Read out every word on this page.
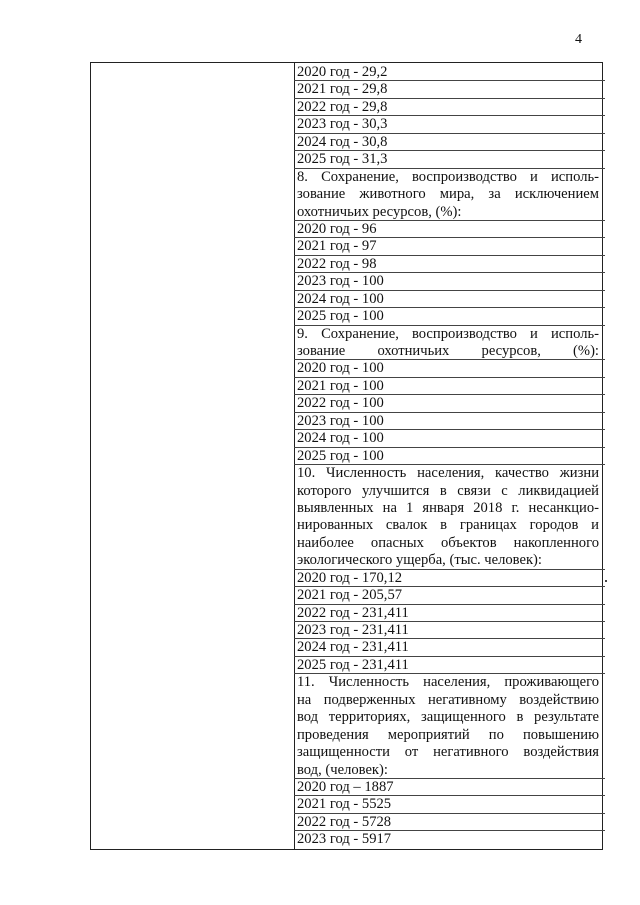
4
2020 год - 29,2
2021 год - 29,8
2022 год - 29,8
2023 год - 30,3
2024 год - 30,8
2025 год - 31,3
8. Сохранение, воспроизводство и исполь-
зование животного мира, за исключением
охотничьих ресурсов, (%):
2020 год - 96
2021 год - 97
2022 год - 98
2023 год - 100
2024 год - 100
2025 год - 100
9. Сохранение, воспроизводство и исполь-
зование охотничьих ресурсов, (%):
2020 год - 100
2021 год - 100
2022 год - 100
2023 год - 100
2024 год - 100
2025 год - 100
10. Численность населения, качество жизни
которого улучшится в связи с ликвидацией
выявленных на 1 января 2018 г. несанкцио-
нированных свалок в границах городов и
наиболее опасных объектов накопленного
экологического ущерба, (тыс. человек):
2020 год - 170,12
2021 год - 205,57
2022 год - 231,411
2023 год - 231,411
2024 год - 231,411
2025 год - 231,411
11. Численность населения, проживающего
на подверженных негативному воздействию
вод территориях, защищенного в результате
проведения мероприятий по повышению
защищенности от негативного воздействия
вод, (человек):
2020 год – 1887
2021 год - 5525
2022 год - 5728
2023 год - 5917
